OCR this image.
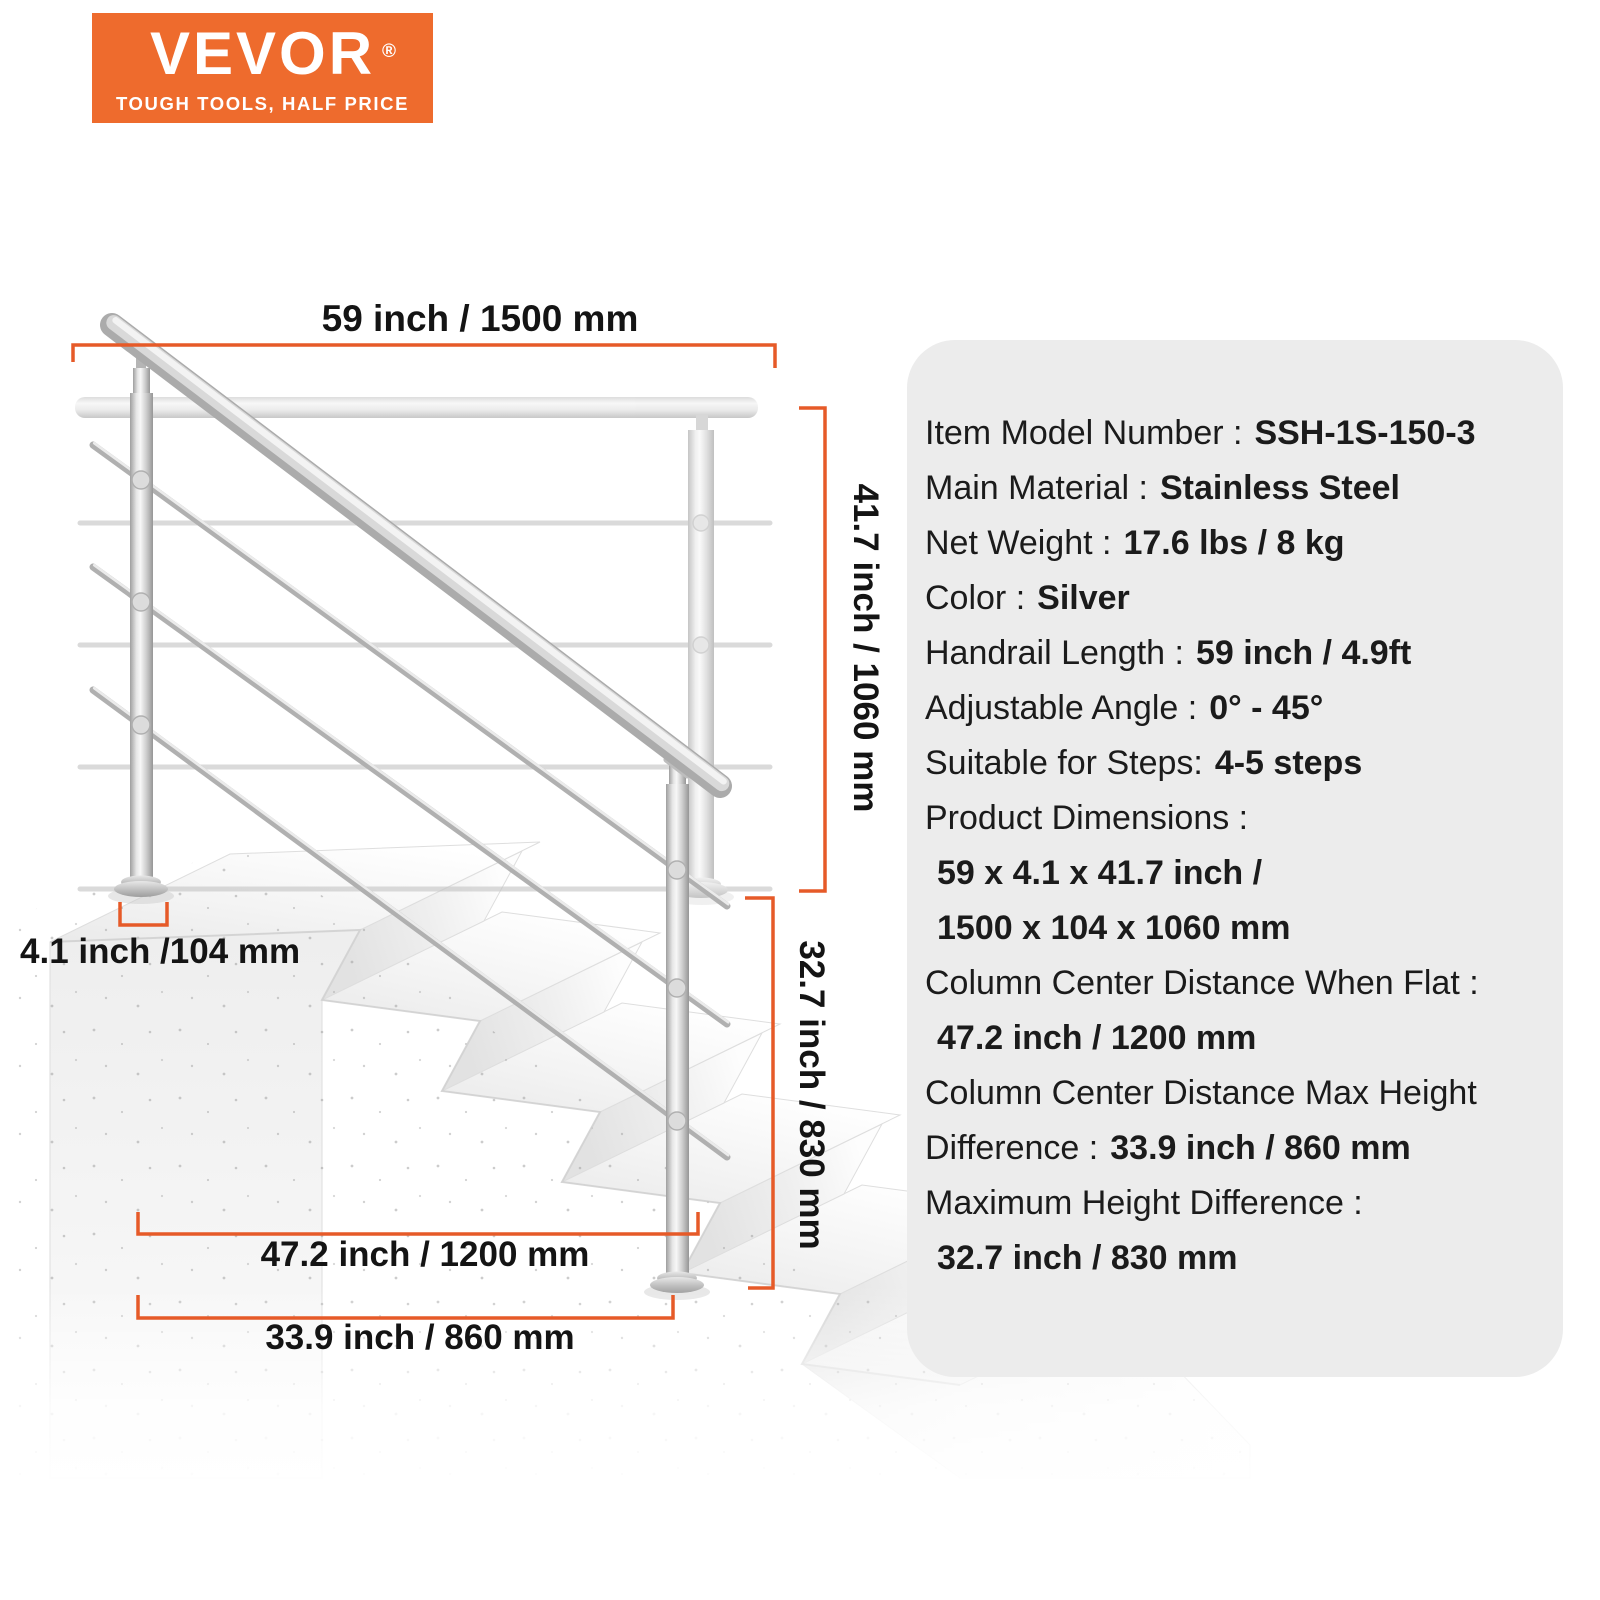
VEVOR ®
TOUGH TOOLS, HALF PRICE
59 inch / 1500 mm
41.7 inch / 1060 mm
32.7 inch / 830 mm
4.1 inch /104 mm
47.2 inch / 1200 mm
33.9 inch / 860 mm
Item Model Number : SSH-1S-150-3
Main Material : Stainless Steel
Net Weight : 17.6 lbs / 8 kg
Color : Silver
Handrail Length : 59 inch / 4.9ft
Adjustable Angle : 0° - 45°
Suitable for Steps: 4-5 steps
Product Dimensions :
59 x 4.1 x 41.7 inch /
1500 x 104 x 1060 mm
Column Center Distance When Flat :
47.2 inch / 1200 mm
Column Center Distance Max Height
Difference : 33.9 inch / 860 mm
Maximum Height Difference :
32.7 inch / 830 mm
